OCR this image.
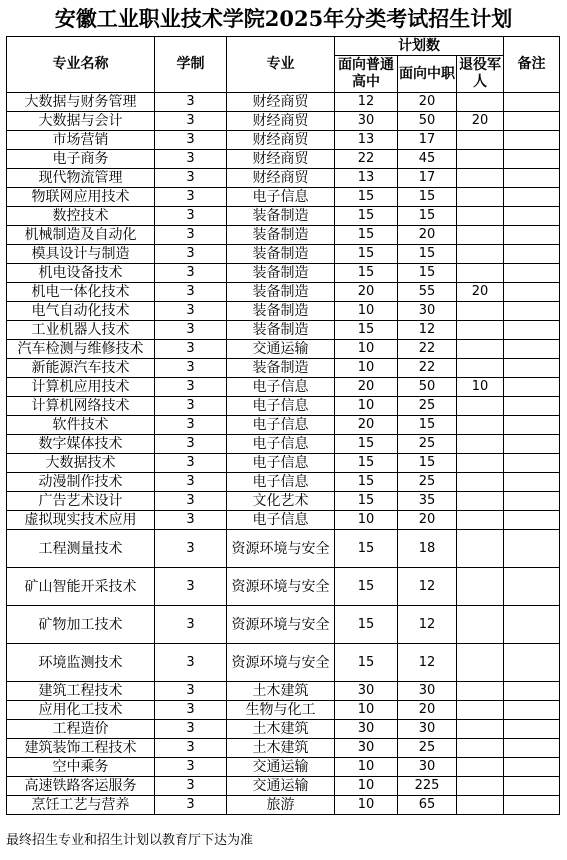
安徽工业职业技术学院2025年分类考试招生计划
专业名称	学制	专业	计划数			备注

			面向普通高中	面向中职	退役军人	

大数据与财务管理	3	财经商贸	12	20		
大数据与会计	3	财经商贸	30	50	20	
市场营销	3	财经商贸	13	17		
电子商务	3	财经商贸	22	45		
现代物流管理	3	财经商贸	13	17		
物联网应用技术	3	电子信息	15	15		
数控技术	3	装备制造	15	15		
机械制造及自动化	3	装备制造	15	20		
模具设计与制造	3	装备制造	15	15		
机电设备技术	3	装备制造	15	15		
机电一体化技术	3	装备制造	20	55	20	
电气自动化技术	3	装备制造	10	30		
工业机器人技术	3	装备制造	15	12		
汽车检测与维修技术	3	交通运输	10	22		
新能源汽车技术	3	装备制造	10	22		
计算机应用技术	3	电子信息	20	50	10	
计算机网络技术	3	电子信息	10	25		
软件技术	3	电子信息	20	15		
数字媒体技术	3	电子信息	15	25		
大数据技术	3	电子信息	15	15		
动漫制作技术	3	电子信息	15	25		
广告艺术设计	3	文化艺术	15	35		
虚拟现实技术应用	3	电子信息	10	20		
工程测量技术	3	资源环境与安全	15	18		
矿山智能开采技术	3	资源环境与安全	15	12		
矿物加工技术	3	资源环境与安全	15	12		
环境监测技术	3	资源环境与安全	15	12		
建筑工程技术	3	土木建筑	30	30		
应用化工技术	3	生物与化工	10	20		
工程造价	3	土木建筑	30	30		
建筑装饰工程技术	3	土木建筑	30	25		
空中乘务	3	交通运输	10	30		
高速铁路客运服务	3	交通运输	10	225		
烹饪工艺与营养	3	旅游	10	65		
最终招生专业和招生计划以教育厅下达为准
